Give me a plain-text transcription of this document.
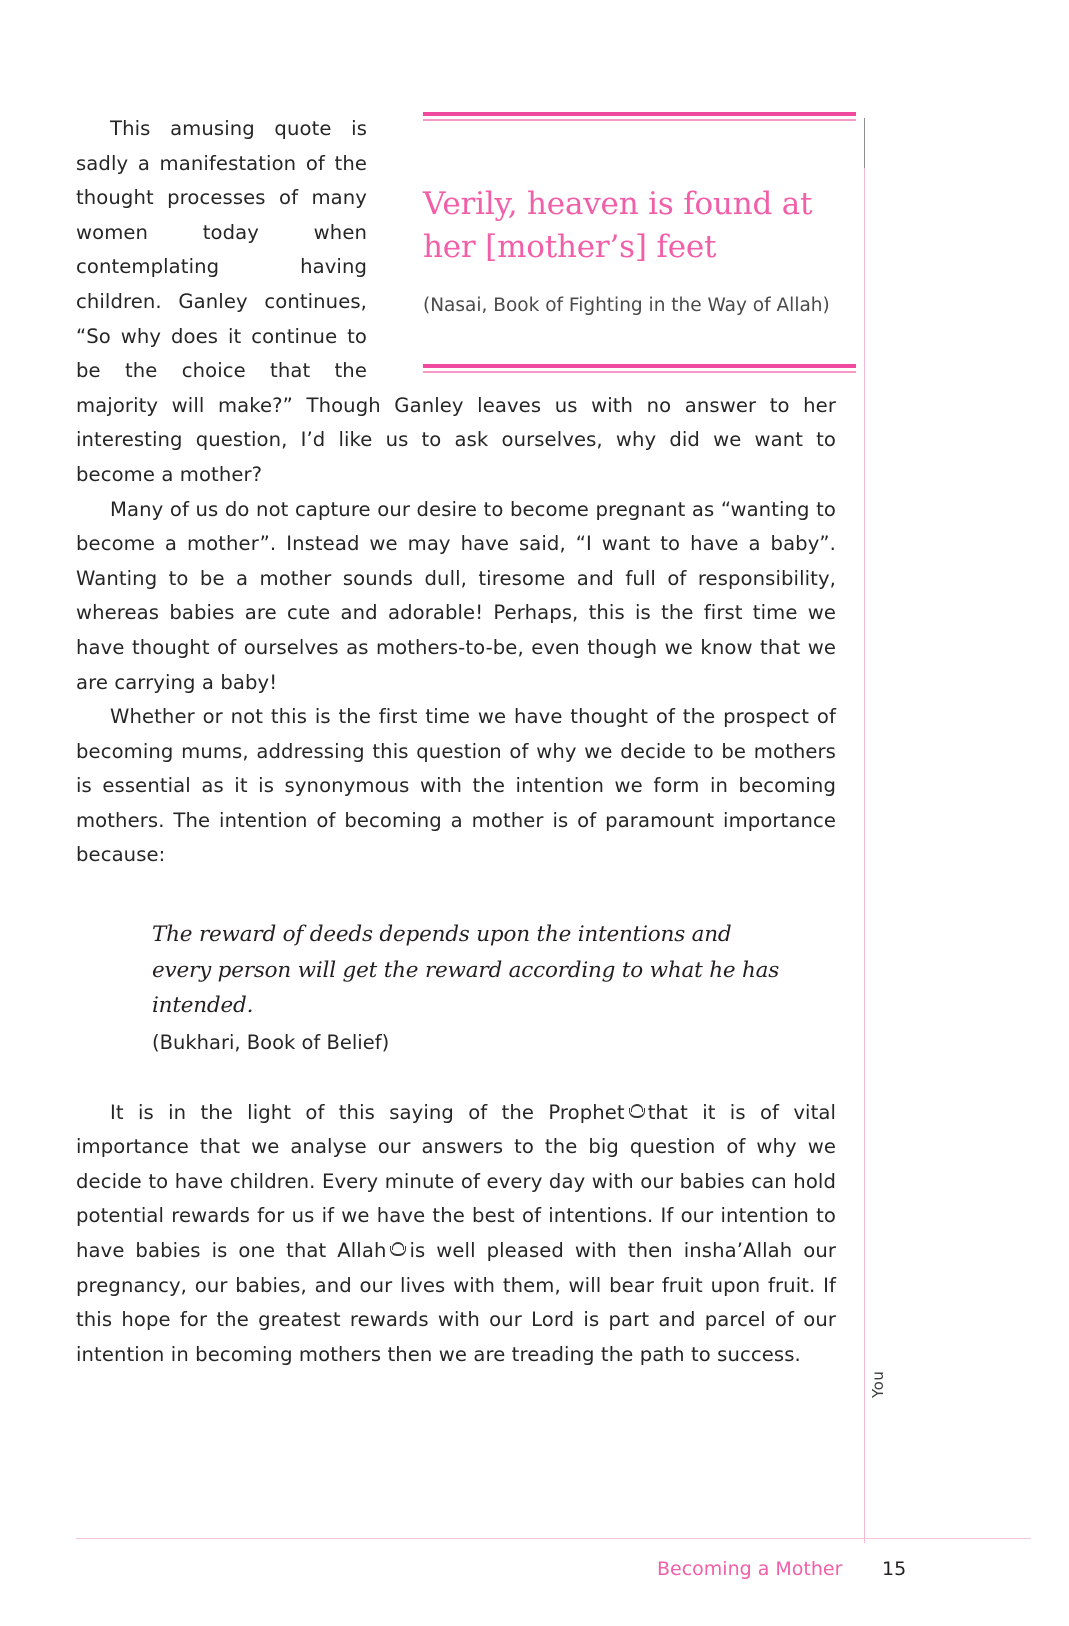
You

Verily, heaven is found at her [mother’s] feet

(Nasai, Book of Fighting in the Way of Allah)

This amusing quote is sadly a manifestation of the thought processes of many women today when contemplating having children. Ganley continues, “So why does it continue to be the choice that the majority will make?” Though Ganley leaves us with no answer to her interesting question, I’d like us to ask ourselves, why did we want to become a mother?

Many of us do not capture our desire to become pregnant as “wanting to become a mother”. Instead we may have said, “I want to have a baby”. Wanting to be a mother sounds dull, tiresome and full of responsibility, whereas babies are cute and adorable! Perhaps, this is the first time we have thought of ourselves as mothers-to-be, even though we know that we are carrying a baby!

Whether or not this is the first time we have thought of the prospect of becoming mums, addressing this question of why we decide to be mothers is essential as it is synonymous with the intention we form in becoming mothers. The intention of becoming a mother is of paramount importance because:

The reward of deeds depends upon the intentions and every person will get the reward according to what he has intended.

(Bukhari, Book of Belief)

It is in the light of this saying of the Prophet that it is of vital importance that we analyse our answers to the big question of why we decide to have children. Every minute of every day with our babies can hold potential rewards for us if we have the best of intentions. If our intention to have babies is one that Allah is well pleased with then insha’Allah our pregnancy, our babies, and our lives with them, will bear fruit upon fruit. If this hope for the greatest rewards with our Lord is part and parcel of our intention in becoming mothers then we are treading the path to success.

Becoming a Mother 15
